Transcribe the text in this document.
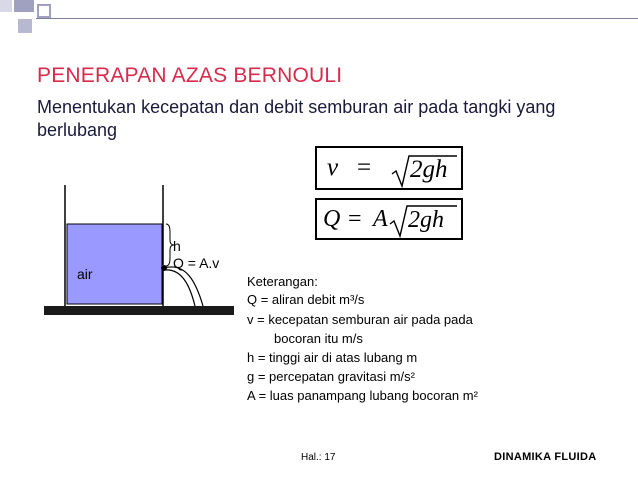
PENERAPAN AZAS BERNOULI
Menentukan kecepatan dan debit semburan air pada tangki yang berlubang
v = 2gh
Q = A 2gh
air
h
Q = A.v
Keterangan:
Q = aliran debit m³/s
v = kecepatan semburan air pada pada
bocoran itu m/s
h = tinggi air di atas lubang m
g = percepatan gravitasi m/s²
A = luas panampang lubang bocoran m²
Hal.: 17	DINAMIKA FLUIDA
